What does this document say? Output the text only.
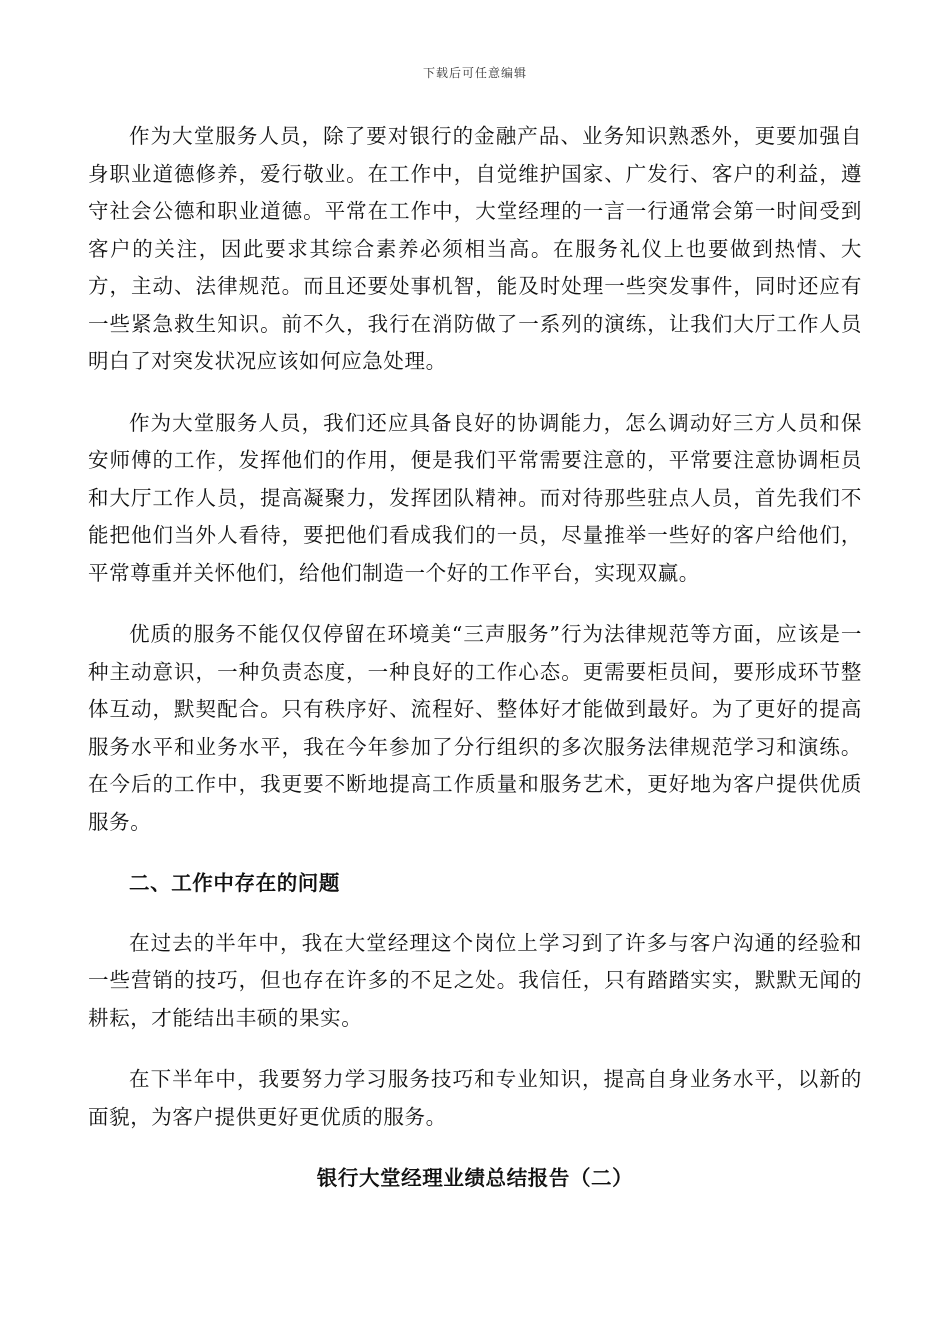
下载后可任意编辑

作为大堂服务人员，除了要对银行的金融产品、业务知识熟悉外，更要加强自身职业道德修养，爱行敬业。在工作中，自觉维护国家、广发行、客户的利益，遵守社会公德和职业道德。平常在工作中，大堂经理的一言一行通常会第一时间受到客户的关注，因此要求其综合素养必须相当高。在服务礼仪上也要做到热情、大方，主动、法律规范。而且还要处事机智，能及时处理一些突发事件，同时还应有一些紧急救生知识。前不久，我行在消防做了一系列的演练，让我们大厅工作人员明白了对突发状况应该如何应急处理。

作为大堂服务人员，我们还应具备良好的协调能力，怎么调动好三方人员和保安师傅的工作，发挥他们的作用，便是我们平常需要注意的，平常要注意协调柜员和大厅工作人员，提高凝聚力，发挥团队精神。而对待那些驻点人员，首先我们不能把他们当外人看待，要把他们看成我们的一员，尽量推举一些好的客户给他们，平常尊重并关怀他们，给他们制造一个好的工作平台，实现双赢。

优质的服务不能仅仅停留在环境美“三声服务”行为法律规范等方面，应该是一种主动意识，一种负责态度，一种良好的工作心态。更需要柜员间，要形成环节整体互动，默契配合。只有秩序好、流程好、整体好才能做到最好。为了更好的提高服务水平和业务水平，我在今年参加了分行组织的多次服务法律规范学习和演练。在今后的工作中，我更要不断地提高工作质量和服务艺术，更好地为客户提供优质服务。

二、工作中存在的问题

在过去的半年中，我在大堂经理这个岗位上学习到了许多与客户沟通的经验和一些营销的技巧，但也存在许多的不足之处。我信任，只有踏踏实实，默默无闻的耕耘，才能结出丰硕的果实。

在下半年中，我要努力学习服务技巧和专业知识，提高自身业务水平，以新的面貌，为客户提供更好更优质的服务。

银行大堂经理业绩总结报告（二）
